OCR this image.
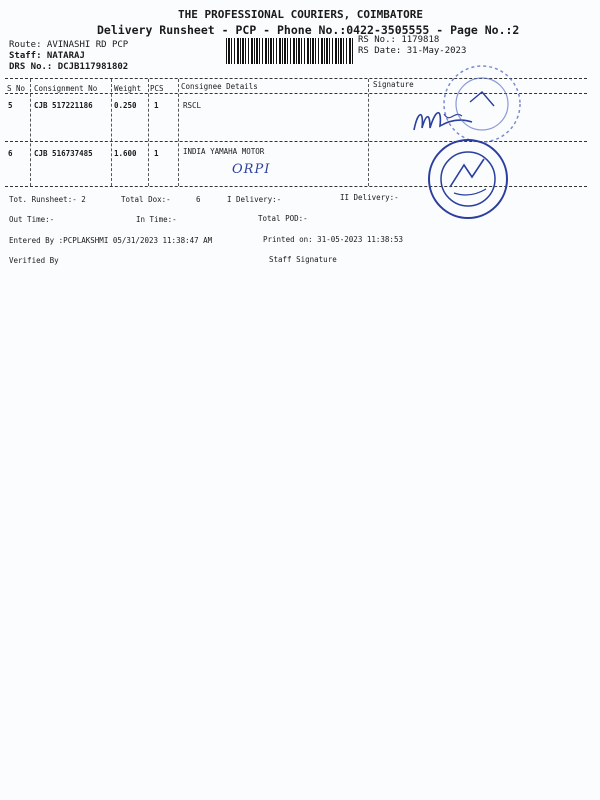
THE PROFESSIONAL COURIERS, COIMBATORE
Delivery Runsheet - PCP - Phone No.:0422-3505555 - Page No.:2
Route: AVINASHI RD PCP
Staff: NATARAJ
DRS No.: DCJB117981802
RS No.: 1179818
RS Date: 31-May-2023
S No Consignment No Weight PCS Consignee Details	Signature
5	CJB 517221186	0.250 1	RSCL
6	CJB 516737485	1.600 1	INDIA YAMAHA MOTOR
ORPI
Tot. Runsheet:- 2	Total Dox:-	6	I Delivery:-	II Delivery:-
Out Time:-	In Time:-	Total POD:-
Entered By :PCPLAKSHMI 05/31/2023 11:38:47 AM	Printed on: 31-05-2023 11:38:53
Verified By	Staff Signature
